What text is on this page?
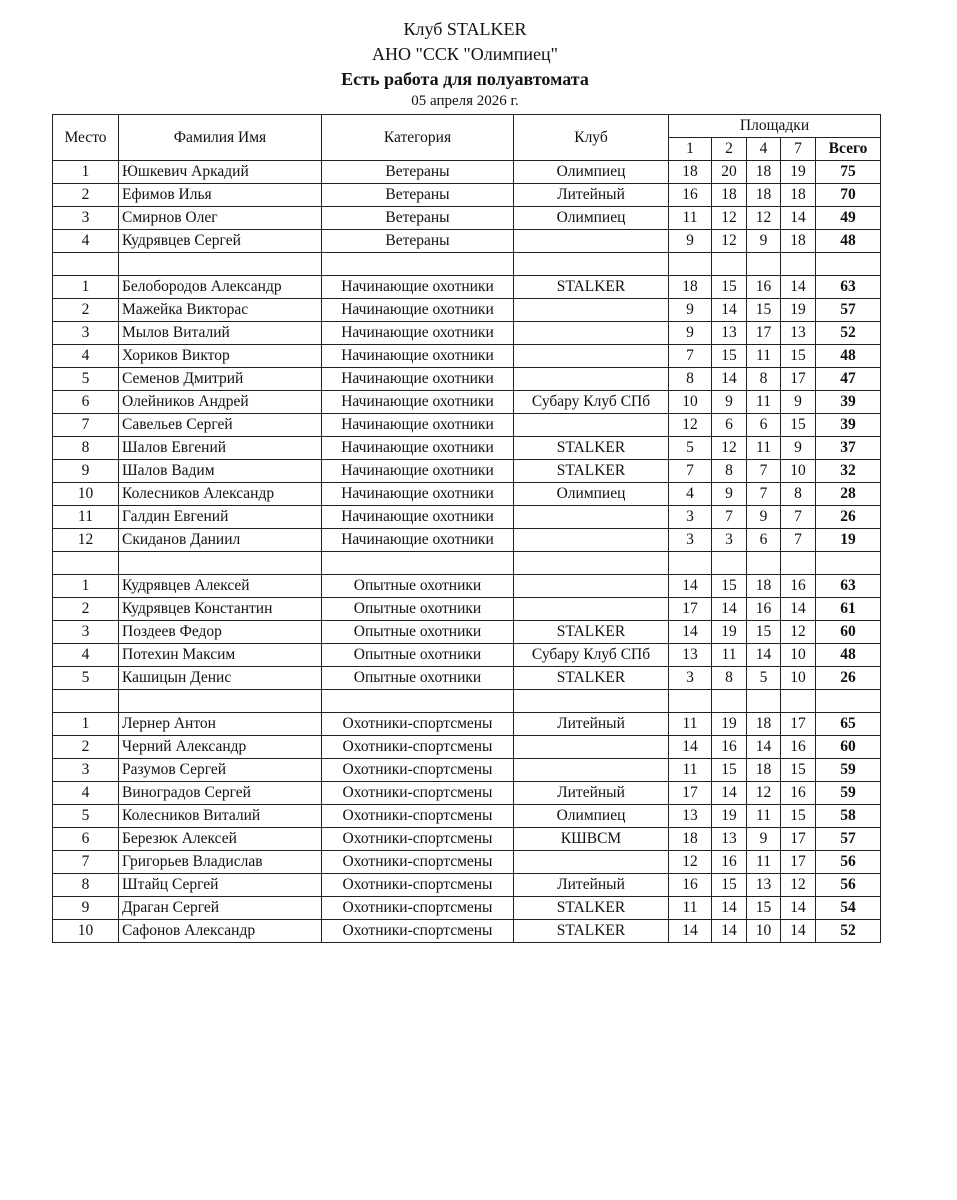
Клуб STALKER
АНО "ССК "Олимпиец"
Есть работа для полуавтомата
05 апреля 2026 г.
Место	Фамилия Имя	Категория	Клуб	Площадки				
				1	2	4	7	Всего
1	Юшкевич Аркадий	Ветераны	Олимпиец	18	20	18	19	75
2	Ефимов Илья	Ветераны	Литейный	16	18	18	18	70
3	Смирнов Олег	Ветераны	Олимпиец	11	12	12	14	49
4	Кудрявцев Сергей	Ветераны		9	12	9	18	48

1	Белобородов Александр	Начинающие охотники	STALKER	18	15	16	14	63
2	Мажейка Викторас	Начинающие охотники		9	14	15	19	57
3	Мылов Виталий	Начинающие охотники		9	13	17	13	52
4	Хориков Виктор	Начинающие охотники		7	15	11	15	48
5	Семенов Дмитрий	Начинающие охотники		8	14	8	17	47
6	Олейников Андрей	Начинающие охотники	Субару Клуб СПб	10	9	11	9	39
7	Савельев Сергей	Начинающие охотники		12	6	6	15	39
8	Шалов Евгений	Начинающие охотники	STALKER	5	12	11	9	37
9	Шалов Вадим	Начинающие охотники	STALKER	7	8	7	10	32
10	Колесников Александр	Начинающие охотники	Олимпиец	4	9	7	8	28
11	Галдин Евгений	Начинающие охотники		3	7	9	7	26
12	Скиданов Даниил	Начинающие охотники		3	3	6	7	19

1	Кудрявцев Алексей	Опытные охотники		14	15	18	16	63
2	Кудрявцев Константин	Опытные охотники		17	14	16	14	61
3	Поздеев Федор	Опытные охотники	STALKER	14	19	15	12	60
4	Потехин Максим	Опытные охотники	Субару Клуб СПб	13	11	14	10	48
5	Кашицын Денис	Опытные охотники	STALKER	3	8	5	10	26

1	Лернер Антон	Охотники-спортсмены	Литейный	11	19	18	17	65
2	Черний Александр	Охотники-спортсмены		14	16	14	16	60
3	Разумов Сергей	Охотники-спортсмены		11	15	18	15	59
4	Виноградов Сергей	Охотники-спортсмены	Литейный	17	14	12	16	59
5	Колесников Виталий	Охотники-спортсмены	Олимпиец	13	19	11	15	58
6	Березюк Алексей	Охотники-спортсмены	КШВСМ	18	13	9	17	57
7	Григорьев Владислав	Охотники-спортсмены		12	16	11	17	56
8	Штайц Сергей	Охотники-спортсмены	Литейный	16	15	13	12	56
9	Драган Сергей	Охотники-спортсмены	STALKER	11	14	15	14	54
10	Сафонов Александр	Охотники-спортсмены	STALKER	14	14	10	14	52
